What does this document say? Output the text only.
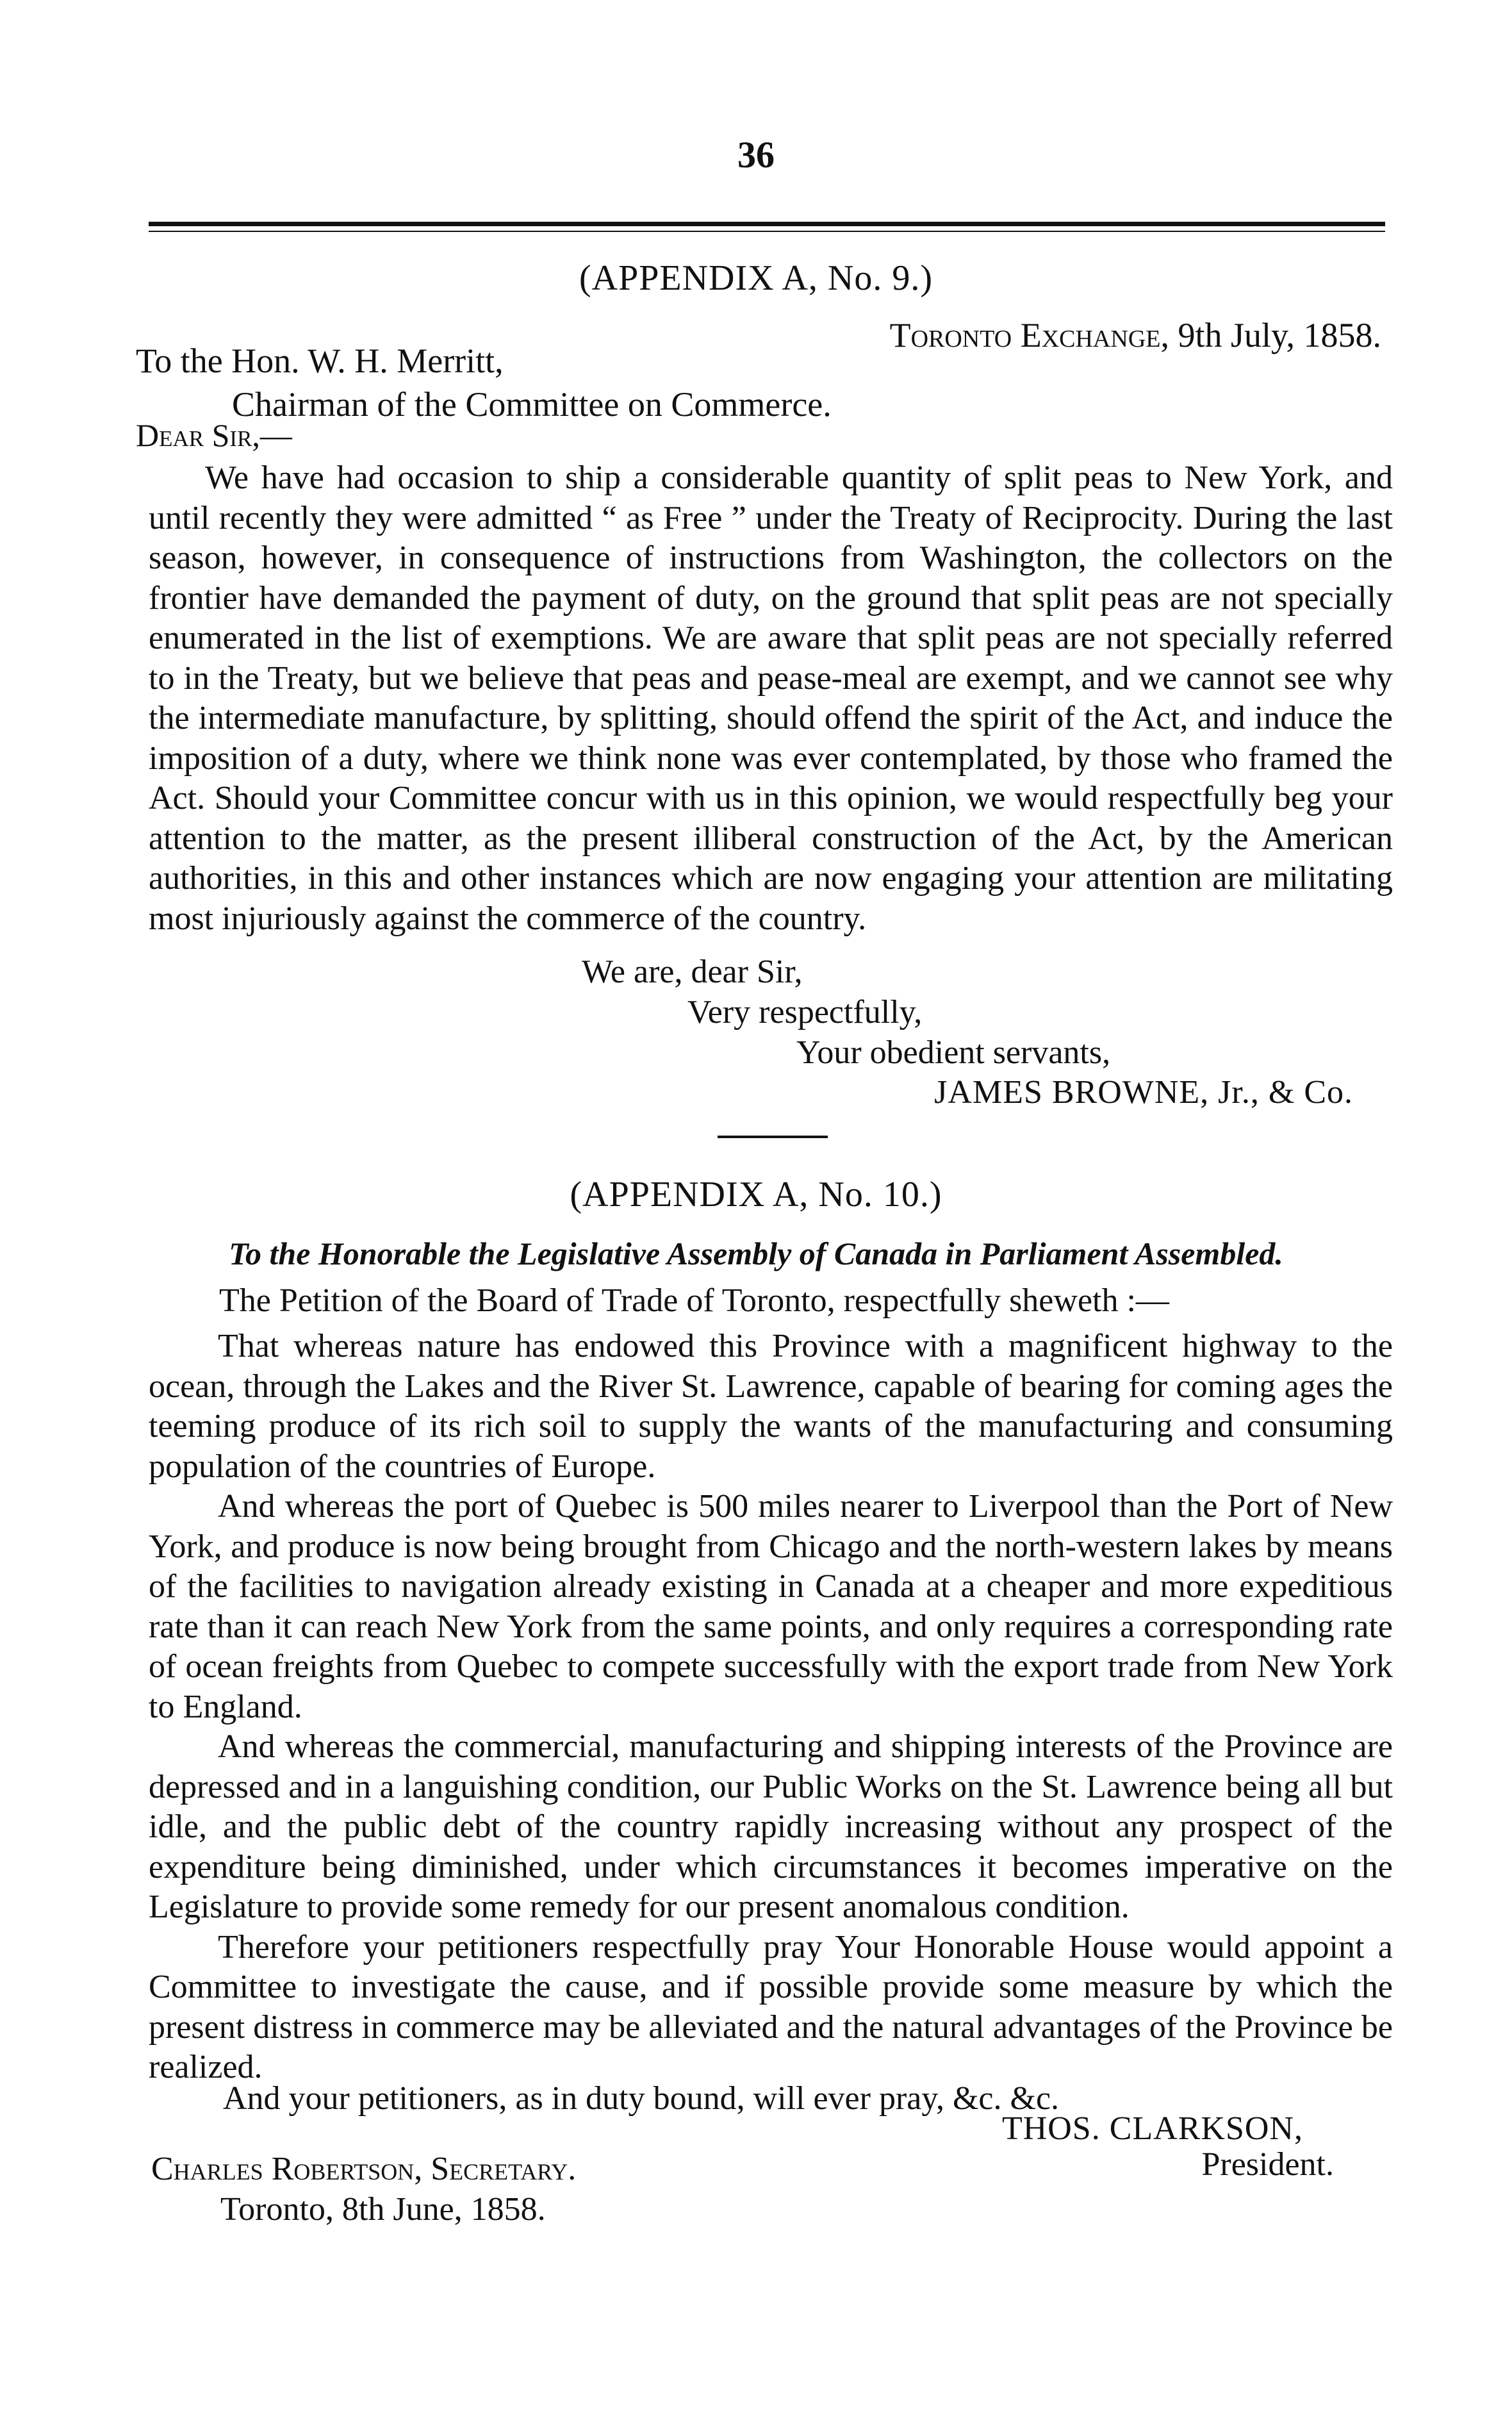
36
(APPENDIX A, No. 9.)
Toronto Exchange, 9th July, 1858.
To the Hon. W. H. Merritt,
Chairman of the Committee on Commerce.
Dear Sir,—

We have had occasion to ship a considerable quantity of split peas to New York, and until recently they were admitted “ as Free ” under the Treaty of Reciprocity. During the last season, however, in consequence of instructions from Washington, the collectors on the frontier have demanded the payment of duty, on the ground that split peas are not specially enumerated in the list of exemptions. We are aware that split peas are not specially referred to in the Treaty, but we believe that peas and pease-meal are exempt, and we cannot see why the intermediate manufacture, by splitting, should offend the spirit of the Act, and induce the imposition of a duty, where we think none was ever contemplated, by those who framed the Act. Should your Committee concur with us in this opinion, we would respectfully beg your attention to the matter, as the present illiberal construction of the Act, by the American authorities, in this and other instances which are now engaging your attention are militating most injuriously against the commerce of the country.

We are, dear Sir,
Very respectfully,
Your obedient servants,
JAMES BROWNE, Jr., & Co.
(APPENDIX A, No. 10.)
To the Honorable the Legislative Assembly of Canada in Parliament Assembled.
The Petition of the Board of Trade of Toronto, respectfully sheweth :—

That whereas nature has endowed this Province with a magnificent highway to the ocean, through the Lakes and the River St. Lawrence, capable of bearing for coming ages the teeming produce of its rich soil to supply the wants of the manufacturing and consuming population of the countries of Europe.

And whereas the port of Quebec is 500 miles nearer to Liverpool than the Port of New York, and produce is now being brought from Chicago and the north-western lakes by means of the facilities to navigation already existing in Canada at a cheaper and more expeditious rate than it can reach New York from the same points, and only requires a corresponding rate of ocean freights from Quebec to compete successfully with the export trade from New York to England.

And whereas the commercial, manufacturing and shipping interests of the Province are depressed and in a languishing condition, our Public Works on the St. Lawrence being all but idle, and the public debt of the country rapidly increasing without any prospect of the expenditure being diminished, under which circumstances it becomes imperative on the Legislature to provide some remedy for our present anomalous condition.

Therefore your petitioners respectfully pray Your Honorable House would appoint a Committee to investigate the cause, and if possible provide some measure by which the present distress in commerce may be alleviated and the natural advantages of the Province be realized.

And your petitioners, as in duty bound, will ever pray, &c. &c.
THOS. CLARKSON,
President.
Charles Robertson, Secretary.
Toronto, 8th June, 1858.
